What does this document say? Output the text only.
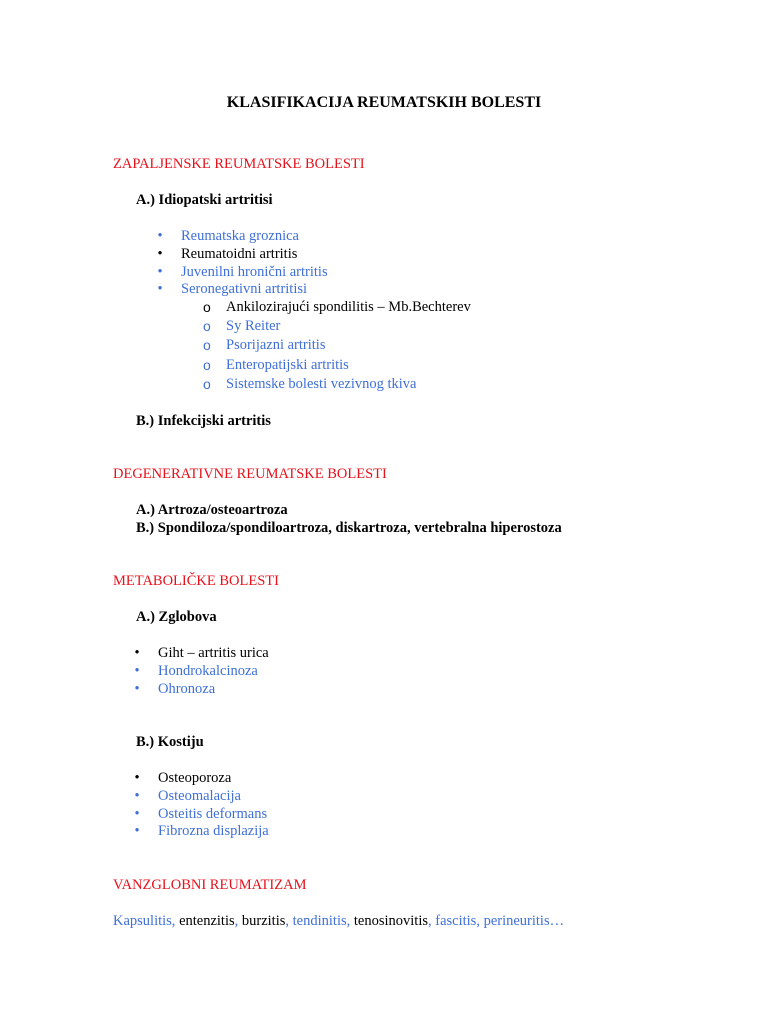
KLASIFIKACIJA REUMATSKIH BOLESTI
ZAPALJENSKE REUMATSKE BOLESTI
A.) Idiopatski artritisi
•	Reumatska groznica
•	Reumatoidni artritis
•	Juvenilni hronični artritis
•	Seronegativni artritisi
o Ankilozirajući spondilitis – Mb.Bechterev
o Sy Reiter
o Psorijazni artritis
o Enteropatijski artritis
o Sistemske bolesti vezivnog tkiva
B.) Infekcijski artritis
DEGENERATIVNE REUMATSKE BOLESTI
A.) Artroza/osteoartroza
B.) Spondiloza/spondiloartroza, diskartroza, vertebralna hiperostoza
METABOLIČKE BOLESTI
A.) Zglobova
•	Giht – artritis urica
•	Hondrokalcinoza
•	Ohronoza
B.) Kostiju
•	Osteoporoza
•	Osteomalacija
•	Osteitis deformans
•	Fibrozna displazija
VANZGLOBNI REUMATIZAM
Kapsulitis, entenzitis, burzitis, tendinitis, tenosinovitis, fascitis, perineuritis…
